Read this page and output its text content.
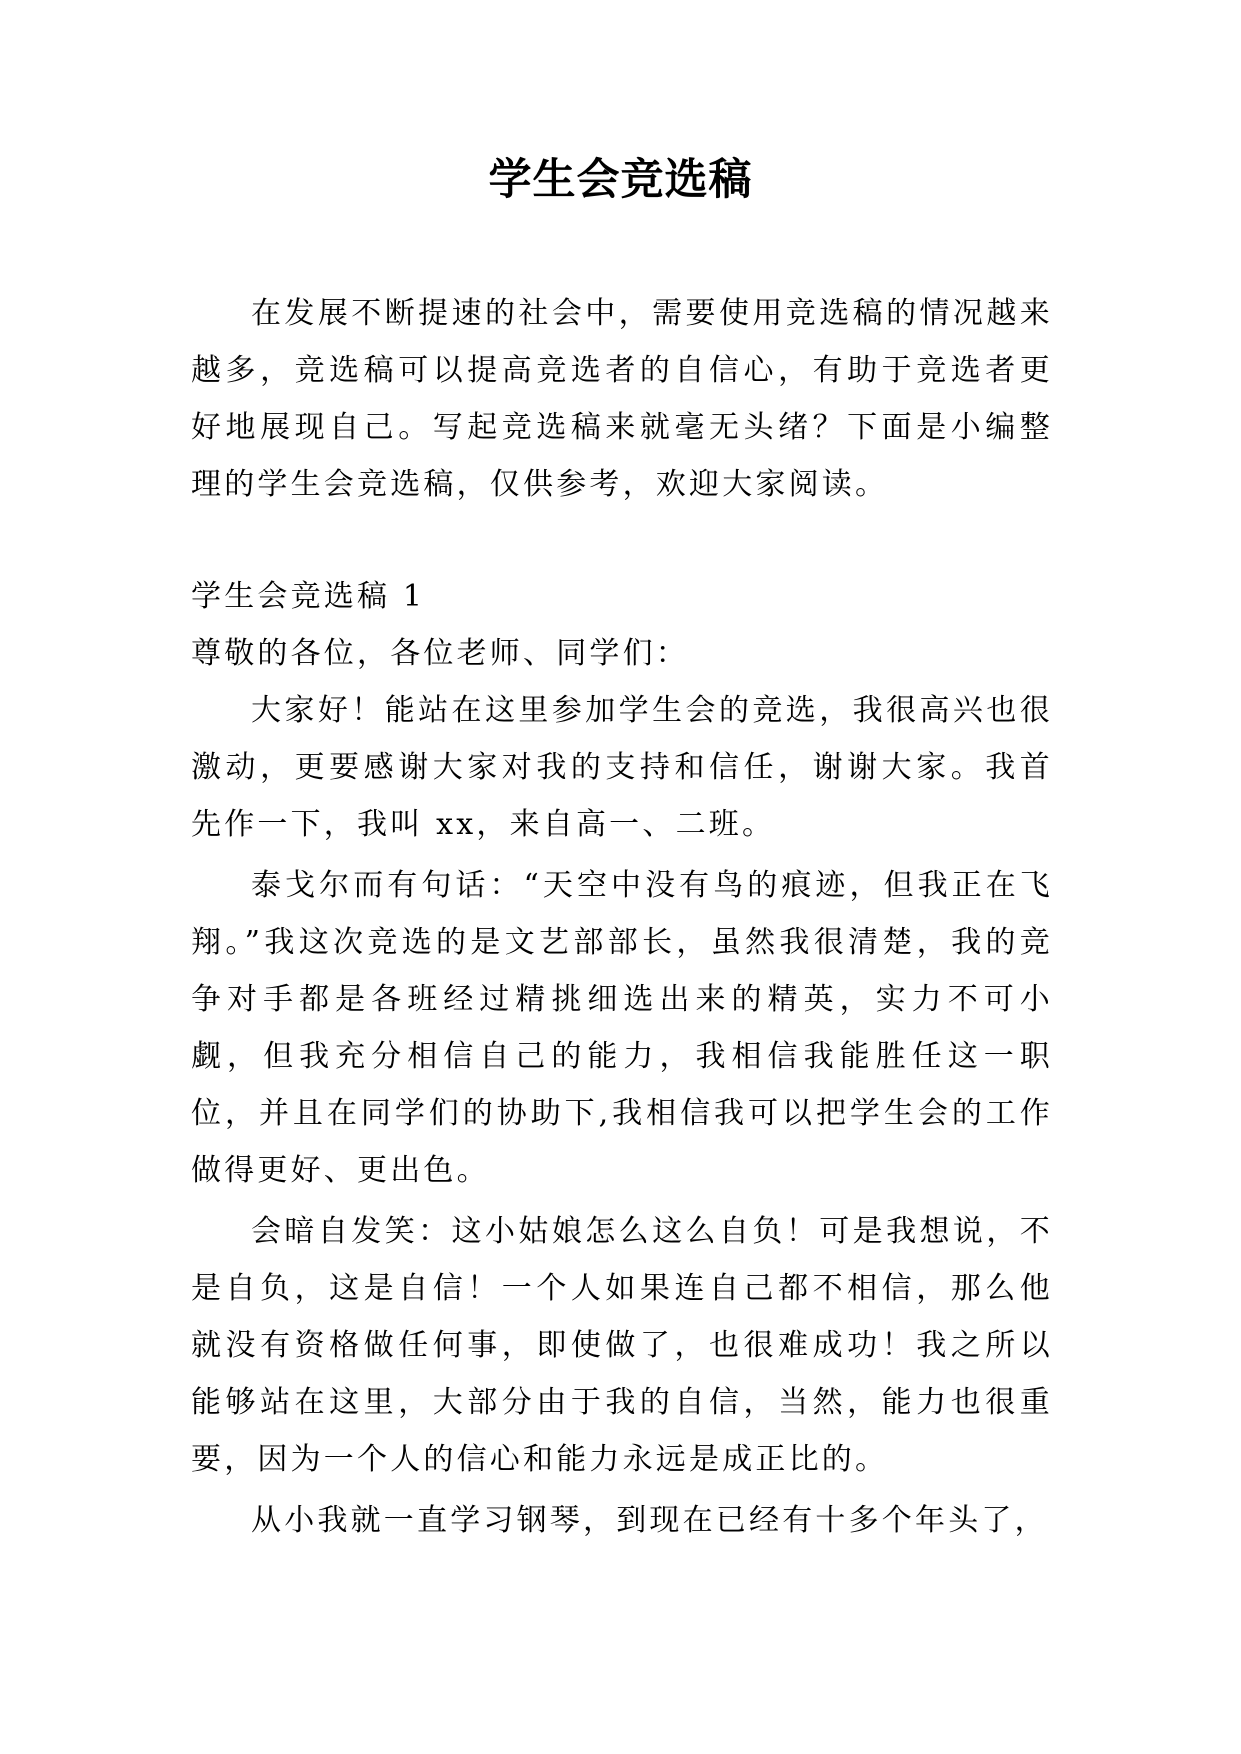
学生会竞选稿

在发展不断提速的社会中，需要使用竞选稿的情况越来越多，竞选稿可以提高竞选者的自信心，有助于竞选者更好地展现自己。写起竞选稿来就毫无头绪？下面是小编整理的学生会竞选稿，仅供参考，欢迎大家阅读。

学生会竞选稿 1

尊敬的各位，各位老师、同学们：

大家好！能站在这里参加学生会的竞选，我很高兴也很激动，更要感谢大家对我的支持和信任，谢谢大家。我首先作一下，我叫 xx，来自高一、二班。

泰戈尔而有句话：“天空中没有鸟的痕迹，但我正在飞翔。”我这次竞选的是文艺部部长，虽然我很清楚，我的竞争对手都是各班经过精挑细选出来的精英，实力不可小觑，但我充分相信自己的能力，我相信我能胜任这一职位，并且在同学们的协助下,我相信我可以把学生会的工作做得更好、更出色。

会暗自发笑：这小姑娘怎么这么自负！可是我想说，不是自负，这是自信！一个人如果连自己都不相信，那么他就没有资格做任何事，即使做了，也很难成功！我之所以能够站在这里，大部分由于我的自信，当然，能力也很重要，因为一个人的信心和能力永远是成正比的。

从小我就一直学习钢琴，到现在已经有十多个年头了，
